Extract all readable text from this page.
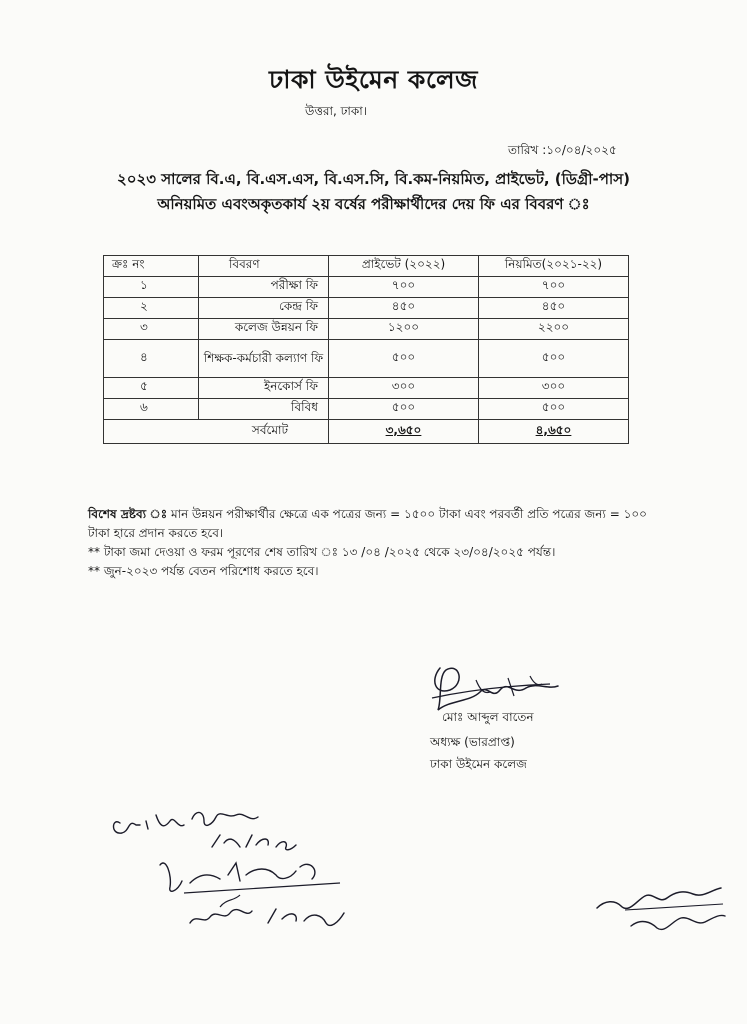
ঢাকা উইমেন কলেজ
উত্তরা, ঢাকা।
তারিখ :১০/০৪/২০২৫
২০২৩ সালের বি.এ, বি.এস.এস, বি.এস.সি, বি.কম-নিয়মিত, প্রাইভেট, (ডিগ্রী-পাস)
অনিয়মিত এবংঅকৃতকার্য ২য় বর্ষের পরীক্ষার্থীদের দেয় ফি এর বিবরণ ঃ
ক্রঃ নং	বিবরণ	প্রাইভেট (২০২২)	নিয়মিত(২০২১-২২)
১	পরীক্ষা ফি	৭০০	৭০০
২	কেন্দ্র ফি	৪৫০	৪৫০
৩	কলেজ উন্নয়ন ফি	১২০০	২২০০
৪	শিক্ষক-কর্মচারী কল্যাণ ফি	৫০০	৫০০
৫	ইনকোর্স ফি	৩০০	৩০০
৬	বিবিধ	৫০০	৫০০
সর্বমোট		৩,৬৫০	৪,৬৫০

বিশেষ দ্রষ্টব্য ঃ মান উন্নয়ন পরীক্ষার্থীর ক্ষেত্রে এক পত্রের জন্য = ১৫০০ টাকা এবং পরবর্তী প্রতি পত্রের জন্য = ১০০ টাকা হারে প্রদান করতে হবে।

** টাকা জমা দেওয়া ও ফরম পূরণের শেষ তারিখ ঃ ১৩ /০৪ /২০২৫ থেকে ২৩/০৪/২০২৫ পর্যন্ত।

** জুন-২০২৩ পর্যন্ত বেতন পরিশোধ করতে হবে।

মোঃ আব্দুল বাতেন
অধ্যক্ষ (ভারপ্রাপ্ত)
ঢাকা উইমেন কলেজ
